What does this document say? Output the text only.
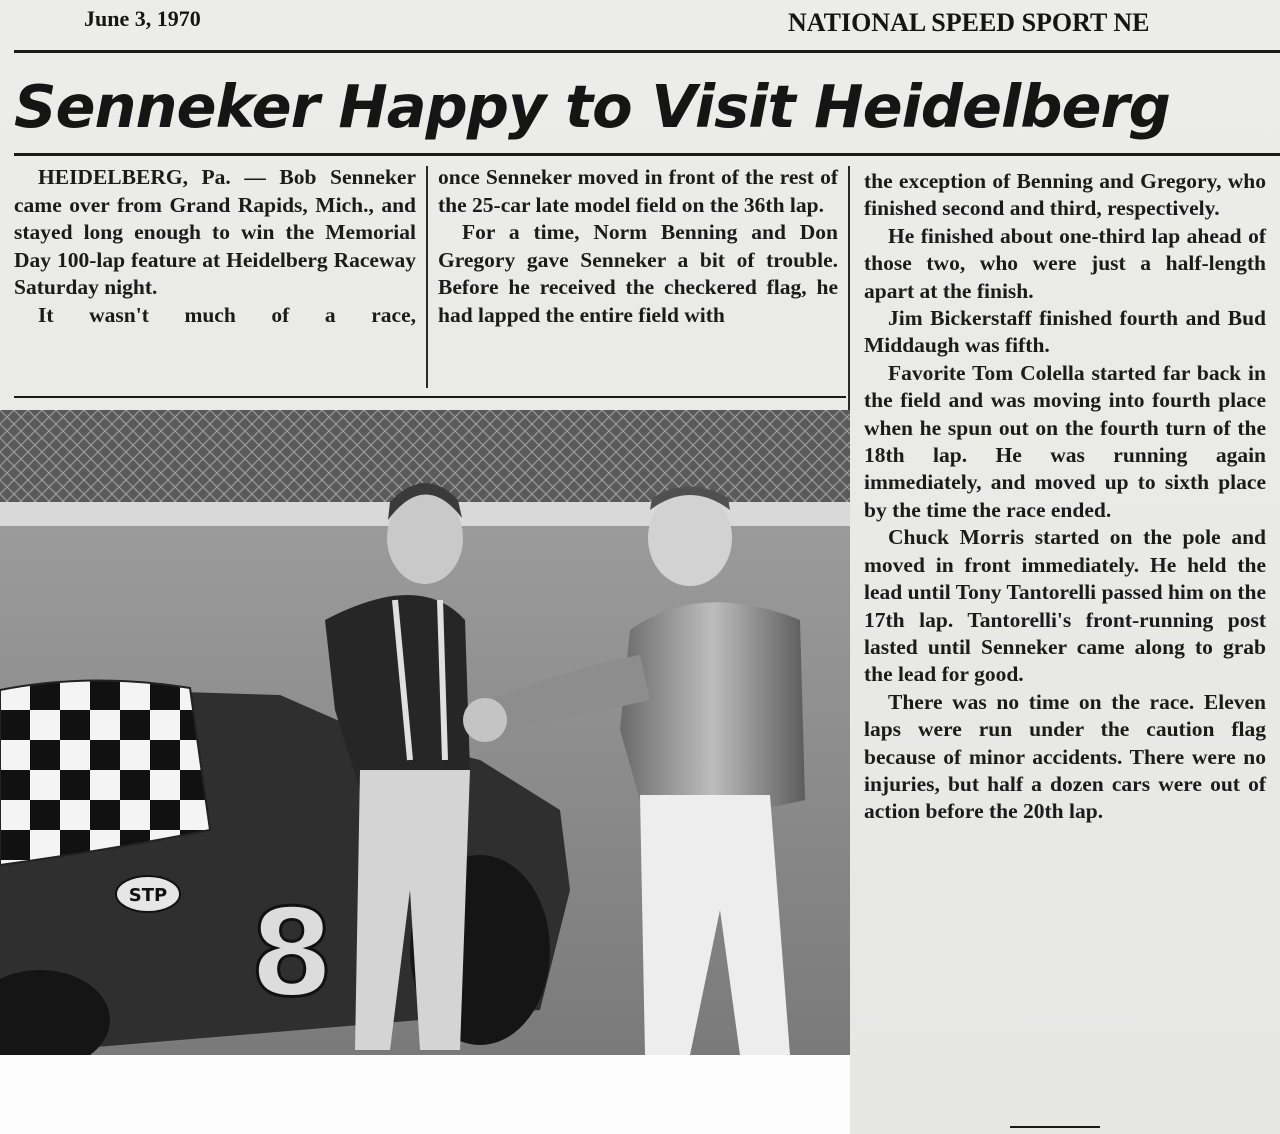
June 3, 1970	NATIONAL SPEED SPORT NE
Senneker Happy to Visit Heidelberg

HEIDELBERG, Pa. — Bob Senneker came over from Grand Rapids, Mich., and stayed long enough to win the Memorial Day 100-lap feature at Heidelberg Raceway Saturday night.

It wasn't much of a race,

once Senneker moved in front of the rest of the 25-car late model field on the 36th lap.

For a time, Norm Benning and Don Gregory gave Senneker a bit of trouble. Before he received the checkered flag, he had lapped the entire field with

the exception of Benning and Gregory, who finished second and third, respectively.

He finished about one-third lap ahead of those two, who were just a half-length apart at the finish.

Jim Bickerstaff finished fourth and Bud Middaugh was fifth.

Favorite Tom Colella started far back in the field and was moving into fourth place when he spun out on the fourth turn of the 18th lap. He was running again immediately, and moved up to sixth place by the time the race ended.

Chuck Morris started on the pole and moved in front immediately. He held the lead until Tony Tantorelli passed him on the 17th lap. Tantorelli's front-running post lasted until Senneker came along to grab the lead for good.

There was no time on the race. Eleven laps were run under the caution flag because of minor accidents. There were no injuries, but half a dozen cars were out of action before the 20th lap.

STP 8
